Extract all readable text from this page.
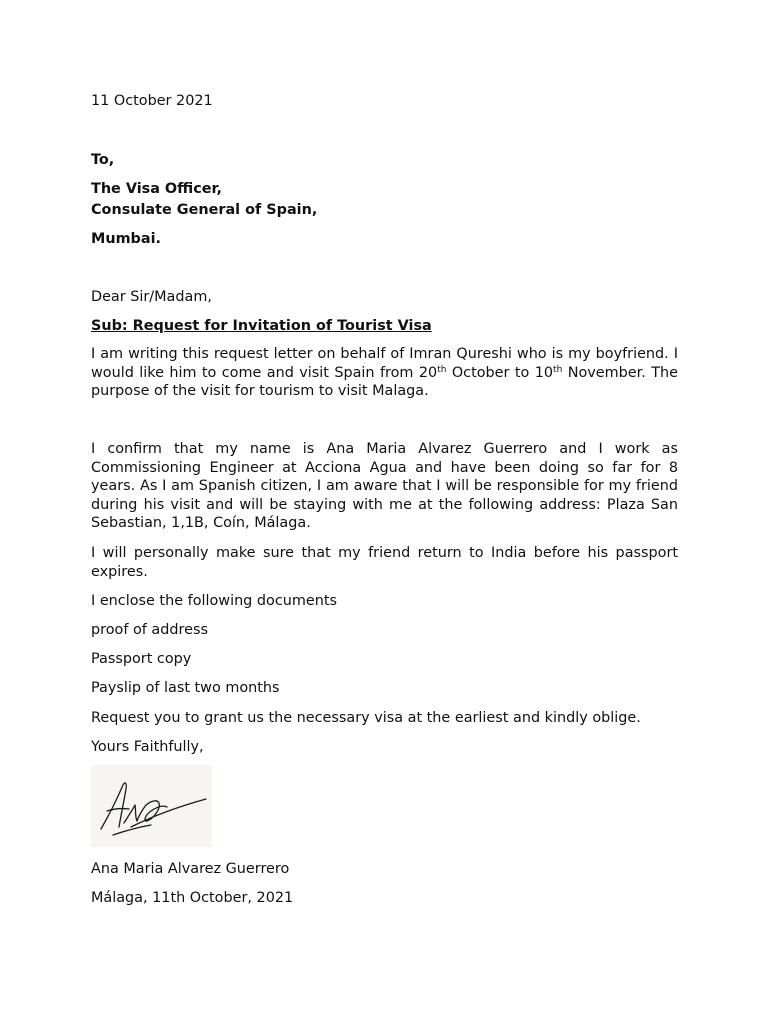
11 October 2021
To,
The Visa Officer,
Consulate General of Spain,
Mumbai.
Dear Sir/Madam,
Sub: Request for Invitation of Tourist Visa
I am writing this request letter on behalf of Imran Qureshi who is my boyfriend. I would like him to come and visit Spain from 20th October to 10th November. The purpose of the visit for tourism to visit Malaga.
I confirm that my name is Ana Maria Alvarez Guerrero and I work as Commissioning Engineer at Acciona Agua and have been doing so far for 8 years. As I am Spanish citizen, I am aware that I will be responsible for my friend during his visit and will be staying with me at the following address: Plaza San Sebastian, 1,1B, Coín, Málaga.
I will personally make sure that my friend return to India before his passport expires.
I enclose the following documents
proof of address
Passport copy
Payslip of last two months
Request you to grant us the necessary visa at the earliest and kindly oblige.
Yours Faithfully,
Ana Maria Alvarez Guerrero
Málaga, 11th October, 2021
